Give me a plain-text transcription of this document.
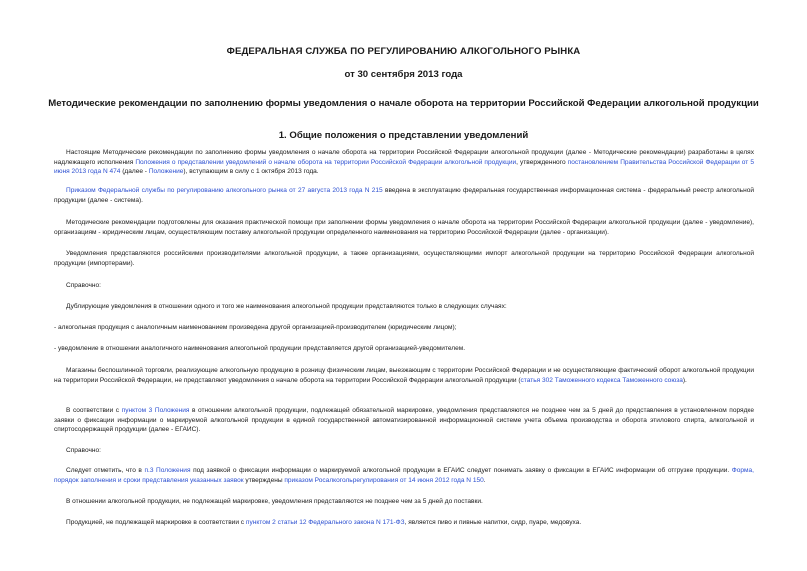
ФЕДЕРАЛЬНАЯ СЛУЖБА ПО РЕГУЛИРОВАНИЮ АЛКОГОЛЬНОГО РЫНКА
от 30 сентября 2013 года
Методические рекомендации по заполнению формы уведомления о начале оборота на территории Российской Федерации алкогольной продукции
1. Общие положения о представлении уведомлений

Настоящие Методические рекомендации по заполнению формы уведомления о начале оборота на территории Российской Федерации алкогольной продукции (далее - Методические рекомендации) разработаны в целях надлежащего исполнения Положения о представлении уведомлений о начале оборота на территории Российской Федерации алкогольной продукции, утвержденного постановлением Правительства Российской Федерации от 5 июня 2013 года N 474 (далее - Положение), вступающим в силу с 1 октября 2013 года.

Приказом Федеральной службы по регулированию алкогольного рынка от 27 августа 2013 года N 215 введена в эксплуатацию федеральная государственная информационная система - федеральный реестр алкогольной продукции (далее - система).

Методические рекомендации подготовлены для оказания практической помощи при заполнении формы уведомления о начале оборота на территории Российской Федерации алкогольной продукции (далее - уведомление), организациям - юридическим лицам, осуществляющим поставку алкогольной продукции определенного наименования на территорию Российской Федерации (далее - организации).

Уведомления представляются российскими производителями алкогольной продукции, а также организациями, осуществляющими импорт алкогольной продукции на территорию Российской Федерации алкогольной продукции (импортерами).

Справочно:

Дублирующие уведомления в отношении одного и того же наименования алкогольной продукции представляются только в следующих случаях:

- алкогольная продукция с аналогичным наименованием произведена другой организацией-производителем (юридическим лицом);

- уведомление в отношении аналогичного наименования алкогольной продукции представляется другой организацией-уведомителем.

Магазины беспошлинной торговли, реализующие алкогольную продукцию в розницу физическим лицам, выезжающим с территории Российской Федерации и не осуществляющие фактический оборот алкогольной продукции на территории Российской Федерации, не представляют уведомления о начале оборота на территории Российской Федерации алкогольной продукции (статья 302 Таможенного кодекса Таможенного союза).

В соответствии с пунктом 3 Положения в отношении алкогольной продукции, подлежащей обязательной маркировке, уведомления представляются не позднее чем за 5 дней до представления в установленном порядке заявки о фиксации информации о маркируемой алкогольной продукции в единой государственной автоматизированной информационной системе учета объема производства и оборота этилового спирта, алкогольной и спиртосодержащей продукции (далее - ЕГАИС).

Справочно:

Следует отметить, что в п.3 Положения под заявкой о фиксации информации о маркируемой алкогольной продукции в ЕГАИС следует понимать заявку о фиксации в ЕГАИС информации об отгрузке продукции. Форма, порядок заполнения и сроки представления указанных заявок утверждены приказом Росалкогольрегулирования от 14 июня 2012 года N 150.

В отношении алкогольной продукции, не подлежащей маркировке, уведомления представляются не позднее чем за 5 дней до поставки.

Продукцией, не подлежащей маркировке в соответствии с пунктом 2 статьи 12 Федерального закона N 171-ФЗ, является пиво и пивные напитки, сидр, пуаре, медовуха.
